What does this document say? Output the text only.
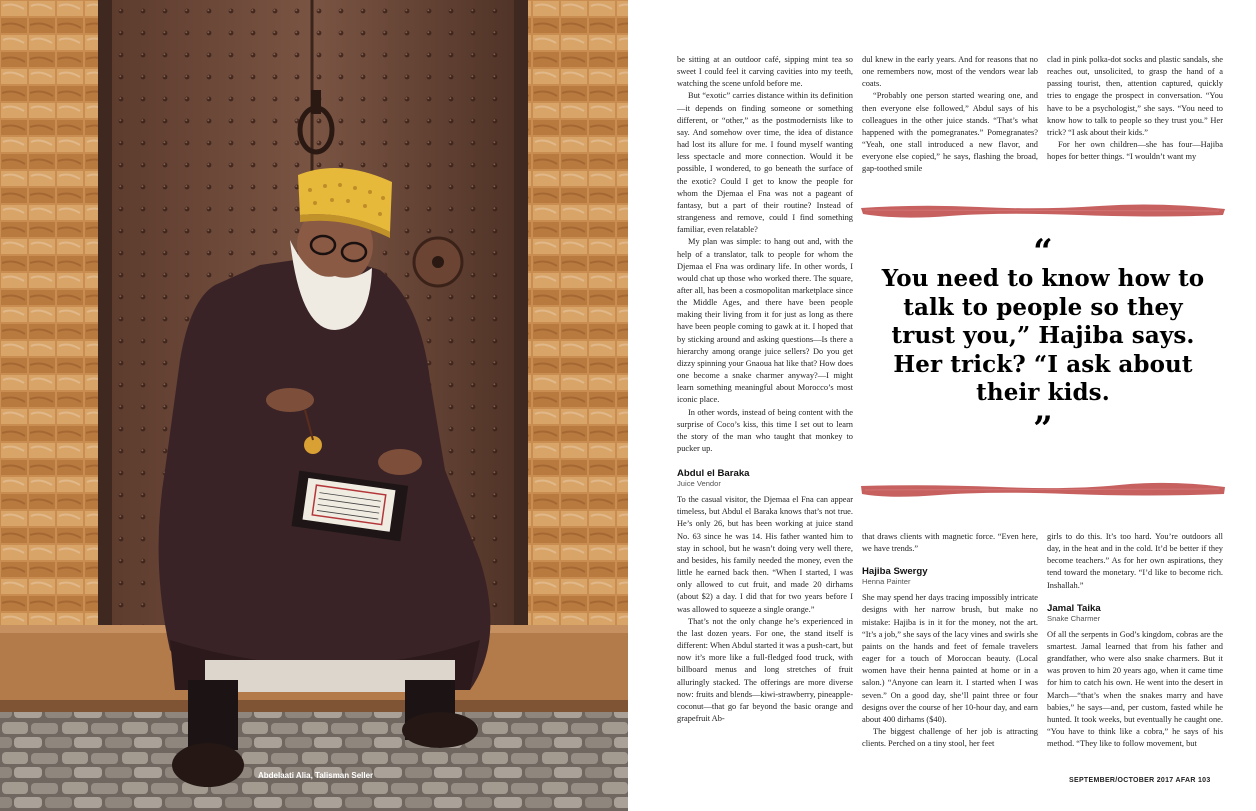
Abdelaati Alia, Talisman Seller

be sitting at an outdoor café, sipping mint tea so sweet I could feel it carving cavities into my teeth, watching the scene unfold before me.

But “exotic” carries distance within its definition—it depends on finding someone or something different, or “other,” as the postmodernists like to say. And somehow over time, the idea of distance had lost its allure for me. I found myself wanting less spectacle and more connection. Would it be possible, I wondered, to go beneath the surface of the exotic? Could I get to know the people for whom the Djemaa el Fna was not a pageant of fantasy, but a part of their routine? Instead of strangeness and remove, could I find something familiar, even relatable?

My plan was simple: to hang out and, with the help of a translator, talk to people for whom the Djemaa el Fna was ordinary life. In other words, I would chat up those who worked there. The square, after all, has been a cosmopolitan marketplace since the Middle Ages, and there have been people making their living from it for just as long as there have been people coming to gawk at it. I hoped that by sticking around and asking questions—Is there a hierarchy among orange juice sellers? Do you get dizzy spinning your Gnaoua hat like that? How does one become a snake charmer anyway?—I might learn something meaningful about Morocco’s most iconic place.

In other words, instead of being content with the surprise of Coco’s kiss, this time I set out to learn the story of the man who taught that monkey to pucker up.

Abdul el Baraka
Juice Vendor

To the casual visitor, the Djemaa el Fna can appear timeless, but Abdul el Baraka knows that’s not true. He’s only 26, but has been working at juice stand No. 63 since he was 14. His father wanted him to stay in school, but he wasn’t doing very well there, and besides, his family needed the money, even the little he earned back then. “When I started, I was only allowed to cut fruit, and made 20 dirhams (about $2) a day. I did that for two years before I was allowed to squeeze a single orange.”

That’s not the only change he’s experienced in the last dozen years. For one, the stand itself is different: When Abdul started it was a push-cart, but now it’s more like a full-fledged food truck, with billboard menus and long stretches of fruit alluringly stacked. The offerings are more diverse now: fruits and blends—kiwi-strawberry, pineapple-coconut—that go far beyond the basic orange and grapefruit Ab-

dul knew in the early years. And for reasons that no one remembers now, most of the vendors wear lab coats.

“Probably one person started wearing one, and then everyone else followed,” Abdul says of his colleagues in the other juice stands. “That’s what happened with the pomegranates.” Pomegranates? “Yeah, one stall introduced a new flavor, and everyone else copied,” he says, flashing the broad, gap-toothed smile

clad in pink polka-dot socks and plastic sandals, she reaches out, unsolicited, to grasp the hand of a passing tourist, then, attention captured, quickly tries to engage the prospect in conversation. “You have to be a psychologist,” she says. “You need to know how to talk to people so they trust you.” Her trick? “I ask about their kids.”

For her own children—she has four—Hajiba hopes for better things. “I wouldn’t want my

“
You need to know how to talk to people so they trust you,” Hajiba says. Her trick? “I ask about their kids.
”

that draws clients with magnetic force. “Even here, we have trends.”

Hajiba Swergy
Henna Painter

She may spend her days tracing impossibly intricate designs with her narrow brush, but make no mistake: Hajiba is in it for the money, not the art. “It’s a job,” she says of the lacy vines and swirls she paints on the hands and feet of female travelers eager for a touch of Moroccan beauty. (Local women have their henna painted at home or in a salon.) “Anyone can learn it. I started when I was seven.” On a good day, she’ll paint three or four designs over the course of her 10-hour day, and earn about 400 dirhams ($40).

The biggest challenge of her job is attracting clients. Perched on a tiny stool, her feet

girls to do this. It’s too hard. You’re outdoors all day, in the heat and in the cold. It’d be better if they become teachers.” As for her own aspirations, they tend toward the monetary. “I’d like to become rich. Inshallah.”

Jamal Taika
Snake Charmer

Of all the serpents in God’s kingdom, cobras are the smartest. Jamal learned that from his father and grandfather, who were also snake charmers. But it was proven to him 20 years ago, when it came time for him to catch his own. He went into the desert in March—“that’s when the snakes marry and have babies,” he says—and, per custom, fasted while he hunted. It took weeks, but eventually he caught one. “You have to think like a cobra,” he says of his method. “They like to follow movement, but

SEPTEMBER/OCTOBER 2017 AFAR 103
